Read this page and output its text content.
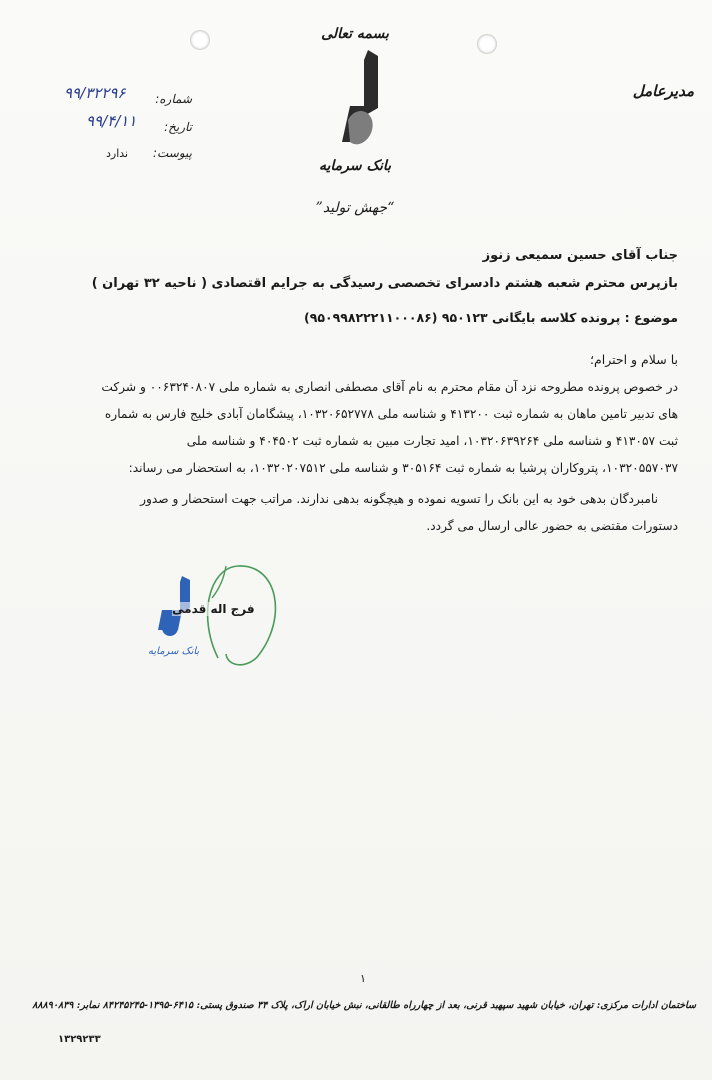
مدیرعامل
بسمه تعالی
بانک سرمایه
”جهش تولید“
شماره:
۹۹/۳۲۲۹۶
تاریخ:
۹۹/۴/۱۱
پیوست:
ندارد
جناب آقای حسین سمیعی زنوز
بازپرس محترم شعبه هشتم دادسرای تخصصی رسیدگی به جرایم اقتصادی ( ناحیه ۳۲ تهران )
موضوع : پرونده کلاسه بایگانی ۹۵۰۱۲۳ (۹۵۰۹۹۸۲۲۲۱۱۰۰۰۸۶)
با سلام و احترام؛
در خصوص پرونده مطروحه نزد آن مقام محترم به نام آقای مصطفی انصاری به شماره ملی ۰۰۶۳۲۴۰۸۰۷ و شرکت
های تدبیر تامین ماهان به شماره ثبت ۴۱۳۲۰۰ و شناسه ملی ۱۰۳۲۰۶۵۲۷۷۸، پیشگامان آبادی خلیج فارس به شماره
ثبت ۴۱۳۰۵۷ و شناسه ملی ۱۰۳۲۰۶۳۹۲۶۴، امید تجارت مبین به شماره ثبت ۴۰۴۵۰۲ و شناسه ملی
۱۰۳۲۰۵۵۷۰۳۷، پتروکاران پرشیا به شماره ثبت ۳۰۵۱۶۴ و شناسه ملی ۱۰۳۲۰۲۰۷۵۱۲، به استحضار می رساند:
نامبردگان بدهی خود به این بانک را تسویه نموده و هیچگونه بدهی ندارند. مراتب جهت استحضار و صدور
دستورات مقتضی به حضور عالی ارسال می گردد.
فرج اله قدمی
بانک سرمایه
۱
ساختمان ادارات مرکزی: تهران، خیابان شهید سپهبد قرنی، بعد از چهارراه طالقانی، نبش خیابان اراک، پلاک ۳۴ صندوق پستی: ۶۴۱۵-۱۳۹۵-۸۴۲۴۵۲۴۵ نمابر: ۸۸۸۹۰۸۳۹
۱۳۲۹۲۳۳
